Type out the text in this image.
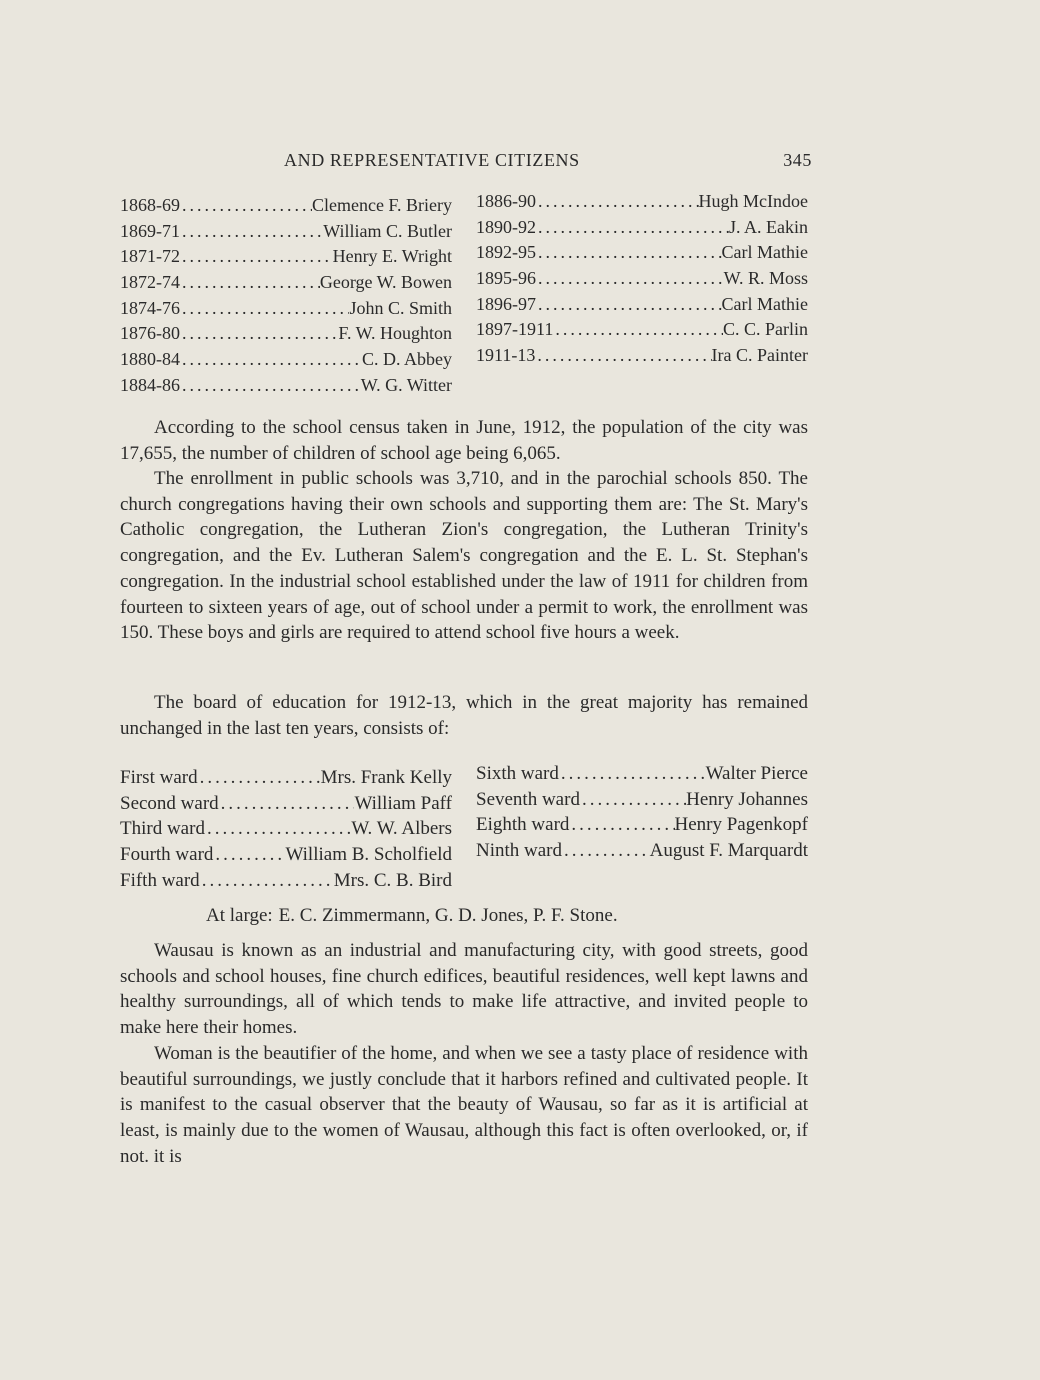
AND REPRESENTATIVE CITIZENS	345
1868-69 .....	Clemence F. Briery
1869-71 .....	William C. Butler
1871-72 .....	Henry E. Wright
1872-74 .....	George W. Bowen
1874-76 .....	John C. Smith
1876-80 .....	F. W. Houghton
1880-84 .....	C. D. Abbey
1884-86 .....	W. G. Witter
1886-90 .....	Hugh McIndoe
1890-92 .....	J. A. Eakin
1892-95 .....	Carl Mathie
1895-96 .....	W. R. Moss
1896-97 .....	Carl Mathie
1897-1911 .....	C. C. Parlin
1911-13 .....	Ira C. Painter

According to the school census taken in June, 1912, the population of the city was 17,655, the number of children of school age being 6,065.

The enrollment in public schools was 3,710, and in the parochial schools 850. The church congregations having their own schools and supporting them are: The St. Mary's Catholic congregation, the Lutheran Zion's congregation, the Lutheran Trinity's congregation, and the Ev. Lutheran Salem's congregation and the E. L. St. Stephan's congregation. In the industrial school established under the law of 1911 for children from fourteen to sixteen years of age, out of school under a permit to work, the enrollment was 150. These boys and girls are required to attend school five hours a week.

The board of education for 1912-13, which in the great majority has remained unchanged in the last ten years, consists of:

First ward .....	Mrs. Frank Kelly
Second ward .....	William Paff
Third ward .....	W. W. Albers
Fourth ward .....	William B. Scholfield
Fifth ward .....	Mrs. C. B. Bird
Sixth ward .....	Walter Pierce
Seventh ward .....	Henry Johannes
Eighth ward .....	Henry Pagenkopf
Ninth ward .....	August F. Marquardt
At large: E. C. Zimmermann, G. D. Jones, P. F. Stone.

Wausau is known as an industrial and manufacturing city, with good streets, good schools and school houses, fine church edifices, beautiful residences, well kept lawns and healthy surroundings, all of which tends to make life attractive, and invited people to make here their homes.

Woman is the beautifier of the home, and when we see a tasty place of residence with beautiful surroundings, we justly conclude that it harbors refined and cultivated people. It is manifest to the casual observer that the beauty of Wausau, so far as it is artificial at least, is mainly due to the women of Wausau, although this fact is often overlooked, or, if not. it is
